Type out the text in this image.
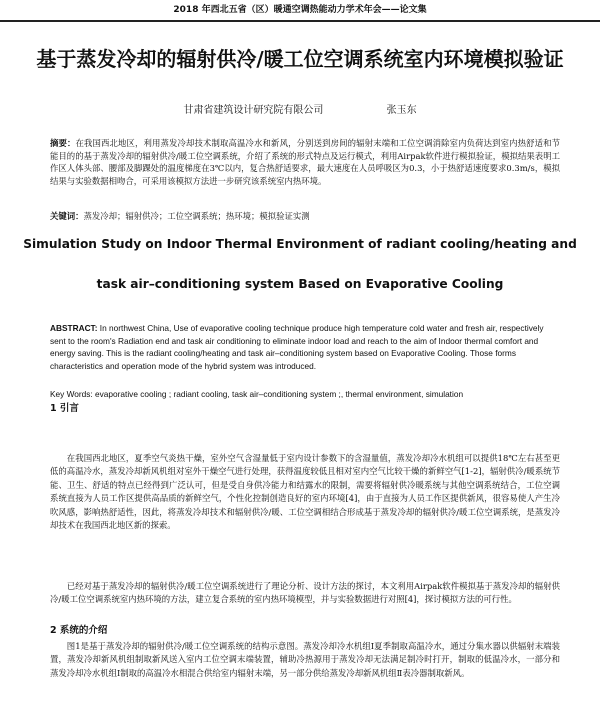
2018 年西北五省（区）暖通空调热能动力学术年会——论文集
基于蒸发冷却的辐射供冷/暖工位空调系统室内环境模拟验证
甘肃省建筑设计研究院有限公司	张玉东
摘要：在我国西北地区，利用蒸发冷却技术制取高温冷水和新风，分别送到房间的辐射末端和工位空调消除室内负荷达到室内热舒适和节能目的的基于蒸发冷却的辐射供冷/暖工位空调系统，介绍了系统的形式特点及运行模式，利用Airpak软件进行模拟验证，模拟结果表明工作区人体头部、腰部及脚踝处的温度梯度在3℃以内，复合热舒适要求，最大速度在人员呼吸区为0.3，小于热舒适速度要求0.3m/s，模拟结果与实验数据相吻合，可采用该模拟方法进一步研究该系统室内热环境。
关键词：蒸发冷却；辐射供冷；工位空调系统；热环境；模拟验证实测
Simulation Study on Indoor Thermal Environment of radiant cooling/heating and
task air–conditioning system Based on Evaporative Cooling
ABSTRACT: In northwest China, Use of evaporative cooling technique produce high temperature cold water and fresh air, respectively sent to the room's Radiation end and task air conditioning to eliminate indoor load and reach to the aim of Indoor thermal comfort and energy saving. This is the radiant cooling/heating and task air–conditioning system based on Evaporative Cooling. Those forms characteristics and operation mode of the hybrid system was introduced.
Key Words: evaporative cooling ; radiant cooling, task air–conditioning system ;, thermal environment, simulation
1 引言
在我国西北地区，夏季空气炎热干燥，室外空气含湿量低于室内设计参数下的含湿量值，蒸发冷却冷水机组可以提供18℃左右甚至更低的高温冷水，蒸发冷却新风机组对室外干燥空气进行处理，获得温度较低且相对室内空气比较干燥的新鲜空气[1-2]，辐射供冷/暖系统节能、卫生、舒适的特点已经得到广泛认可，但是受自身供冷能力和结露水的限制，需要将辐射供冷暖系统与其他空调系统结合，工位空调系统直接为人员工作区提供高品质的新鲜空气，个性化控制创造良好的室内环境[4]，由于直接为人员工作区提供新风，很容易使人产生冷吹风感，影响热舒适性，因此，将蒸发冷却技术和辐射供冷/暖、工位空调相结合形成基于蒸发冷却的辐射供冷/暖工位空调系统，是蒸发冷却技术在我国西北地区新的探索。
已经对基于蒸发冷却的辐射供冷/暖工位空调系统进行了理论分析、设计方法的探讨，本文利用Airpak软件模拟基于蒸发冷却的辐射供冷/暖工位空调系统室内热环境的方法，建立复合系统的室内热环境模型，并与实验数据进行对照[4]，探讨模拟方法的可行性。
2 系统的介绍
图1是基于蒸发冷却的辐射供冷/暖工位空调系统的结构示意图。蒸发冷却冷水机组Ⅰ夏季制取高温冷水，通过分集水器以供辐射末端装置，蒸发冷却新风机组制取新风送入室内工位空调末端装置，辅助冷热源用于蒸发冷却无法满足制冷时打开，制取的低温冷水，一部分和蒸发冷却冷水机组Ⅰ制取的高温冷水相混合供给室内辐射末端，另一部分供给蒸发冷却新风机组Ⅱ表冷器制取新风。
